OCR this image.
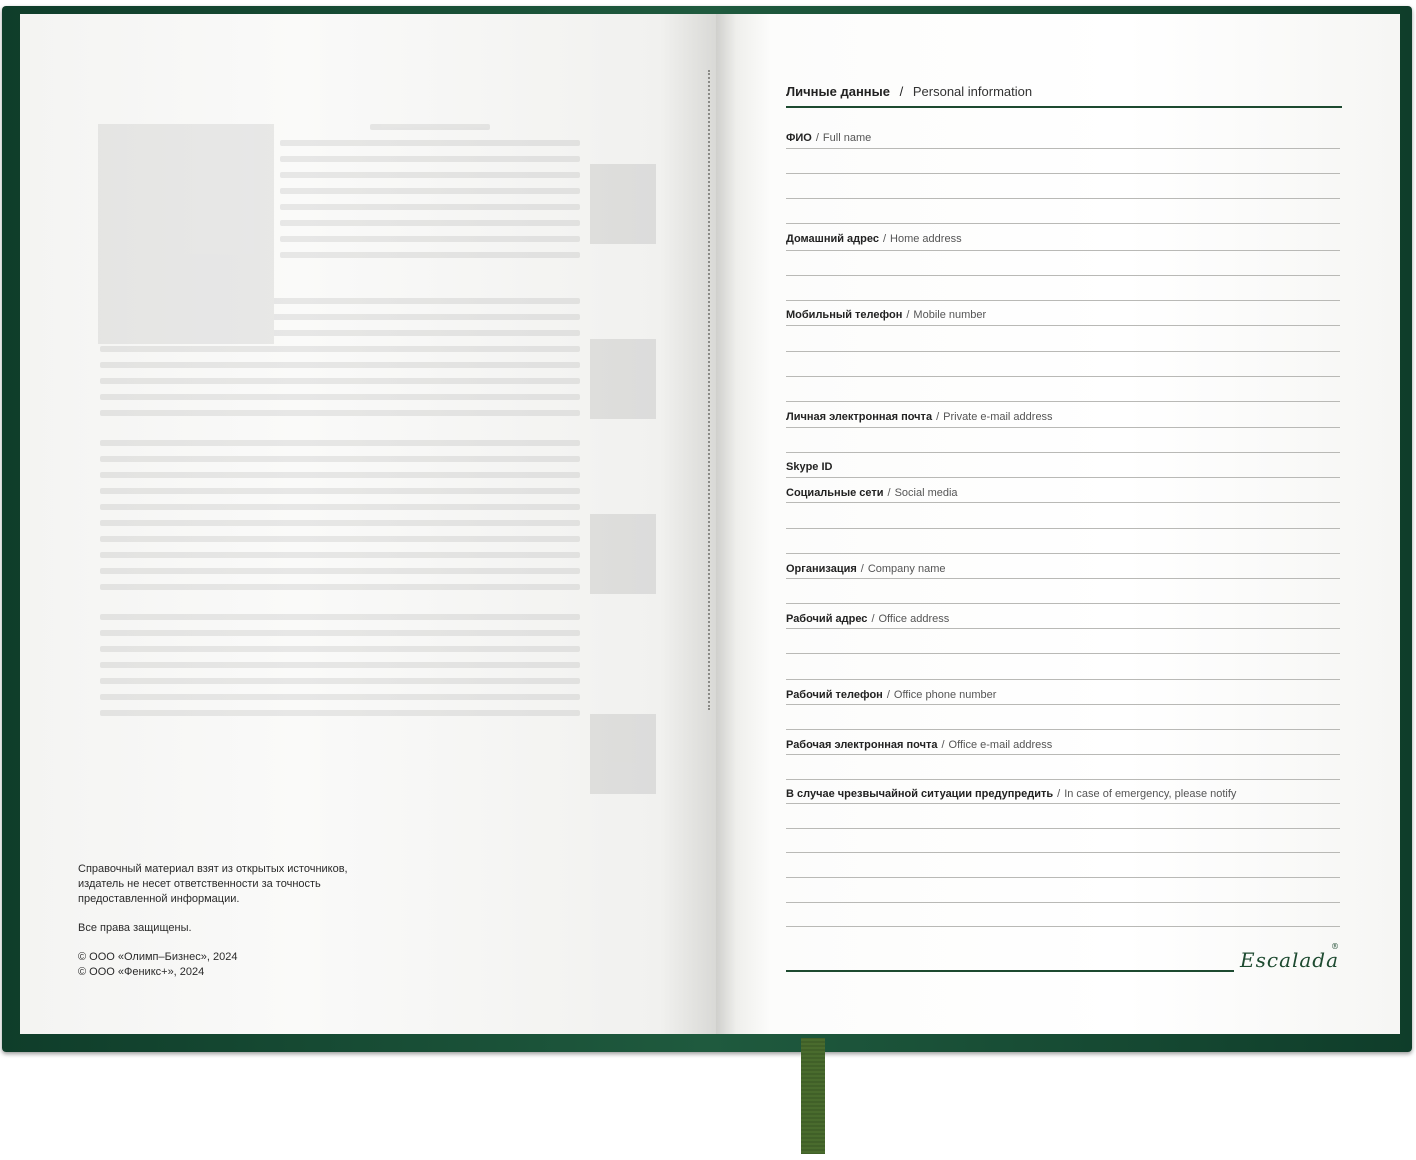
Справочный материал взят из открытых источников,

издатель не несет ответственности за точность

предоставленной информации.

Все права защищены.

© ООО «Олимп–Бизнес», 2024

© ООО «Феникс+», 2024

Личные данные / Personal information
ФИО / Full name
Домашний адрес / Home address
Мобильный телефон / Mobile number
Личная электронная почта / Private e-mail address
Skype ID
Социальные сети / Social media
Организация / Company name
Рабочий адрес / Office address
Рабочий телефон / Office phone number
Рабочая электронная почта / Office e-mail address
В случае чрезвычайной ситуации предупредить / In case of emergency, please notify
Escalada
®
